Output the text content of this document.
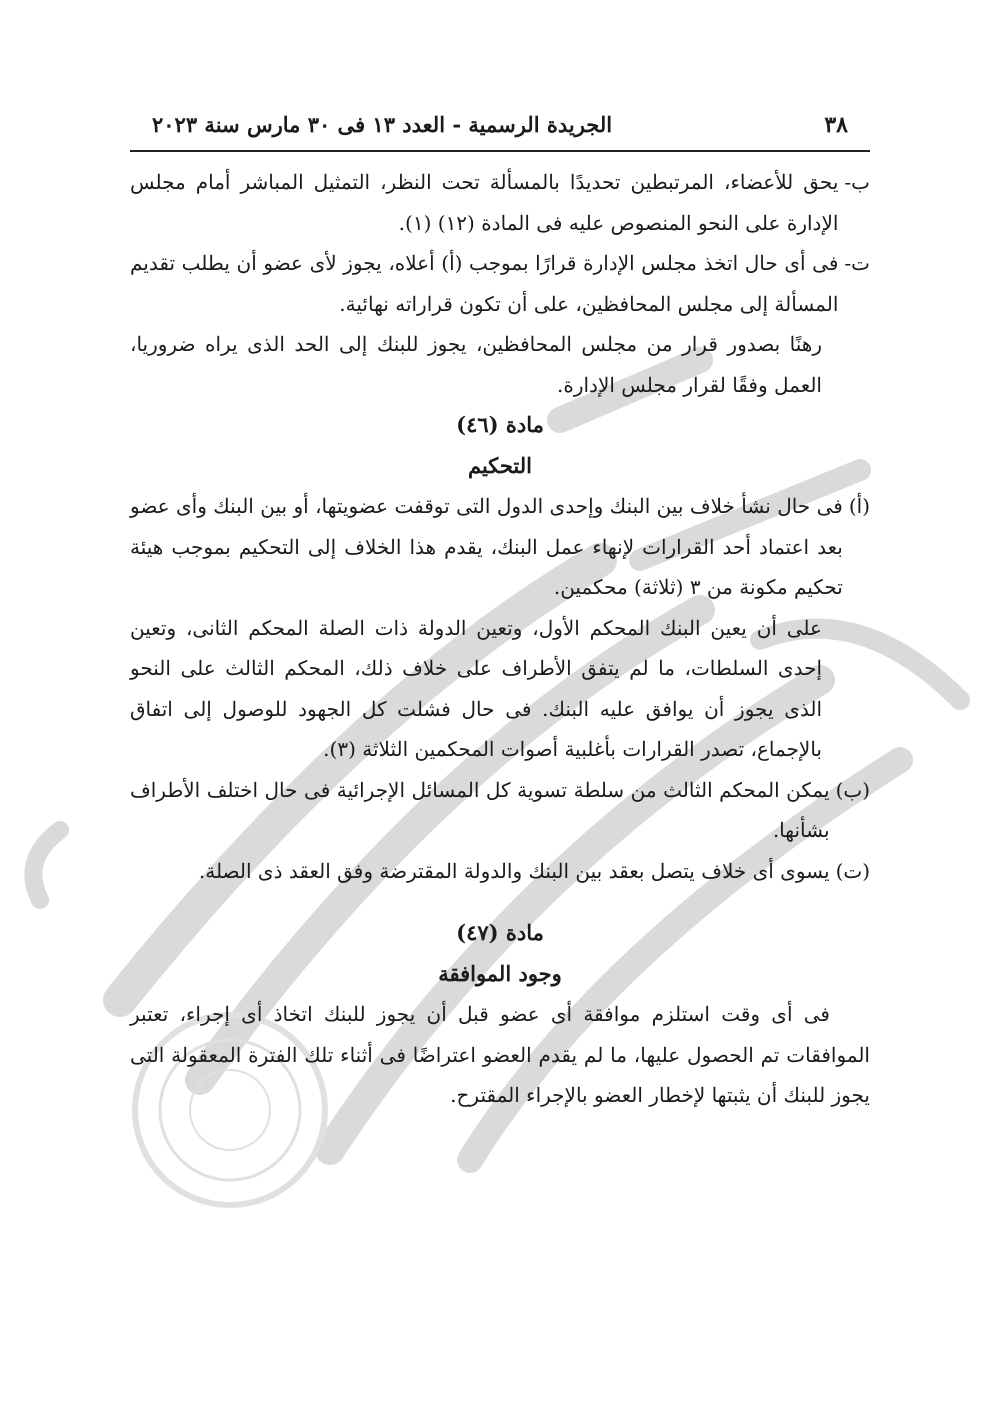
٣٨
الجريدة الرسمية - العدد ١٣ فى ٣٠ مارس سنة ٢٠٢٣
ب-
يحق للأعضاء، المرتبطين تحديدًا بالمسألة تحت النظر، التمثيل المباشر أمام مجلس الإدارة على النحو المنصوص عليه فى المادة (١٢) (١).
ت-
فى أى حال اتخذ مجلس الإدارة قرارًا بموجب (أ) أعلاه، يجوز لأى عضو أن يطلب تقديم المسألة إلى مجلس المحافظين، على أن تكون قراراته نهائية.

رهنًا بصدور قرار من مجلس المحافظين، يجوز للبنك إلى الحد الذى يراه ضروريا، العمل وفقًا لقرار مجلس الإدارة.

مادة (٤٦)

التحكيم

(أ)
فى حال نشأ خلاف بين البنك وإحدى الدول التى توقفت عضويتها، أو بين البنك وأى عضو بعد اعتماد أحد القرارات لإنهاء عمل البنك، يقدم هذا الخلاف إلى التحكيم بموجب هيئة تحكيم مكونة من ٣ (ثلاثة) محكمين.

على أن يعين البنك المحكم الأول، وتعين الدولة ذات الصلة المحكم الثانى، وتعين إحدى السلطات، ما لم يتفق الأطراف على خلاف ذلك، المحكم الثالث على النحو الذى يجوز أن يوافق عليه البنك. فى حال فشلت كل الجهود للوصول إلى اتفاق بالإجماع، تصدر القرارات بأغلبية أصوات المحكمين الثلاثة (٣).

(ب)
يمكن المحكم الثالث من سلطة تسوية كل المسائل الإجرائية فى حال اختلف الأطراف بشأنها.
(ت)
يسوى أى خلاف يتصل بعقد بين البنك والدولة المقترضة وفق العقد ذى الصلة.

مادة (٤٧)

وجود الموافقة

فى أى وقت استلزم موافقة أى عضو قبل أن يجوز للبنك اتخاذ أى إجراء، تعتبر الموافقات تم الحصول عليها، ما لم يقدم العضو اعتراضًا فى أثناء تلك الفترة المعقولة التى يجوز للبنك أن يثبتها لإخطار العضو بالإجراء المقترح.
